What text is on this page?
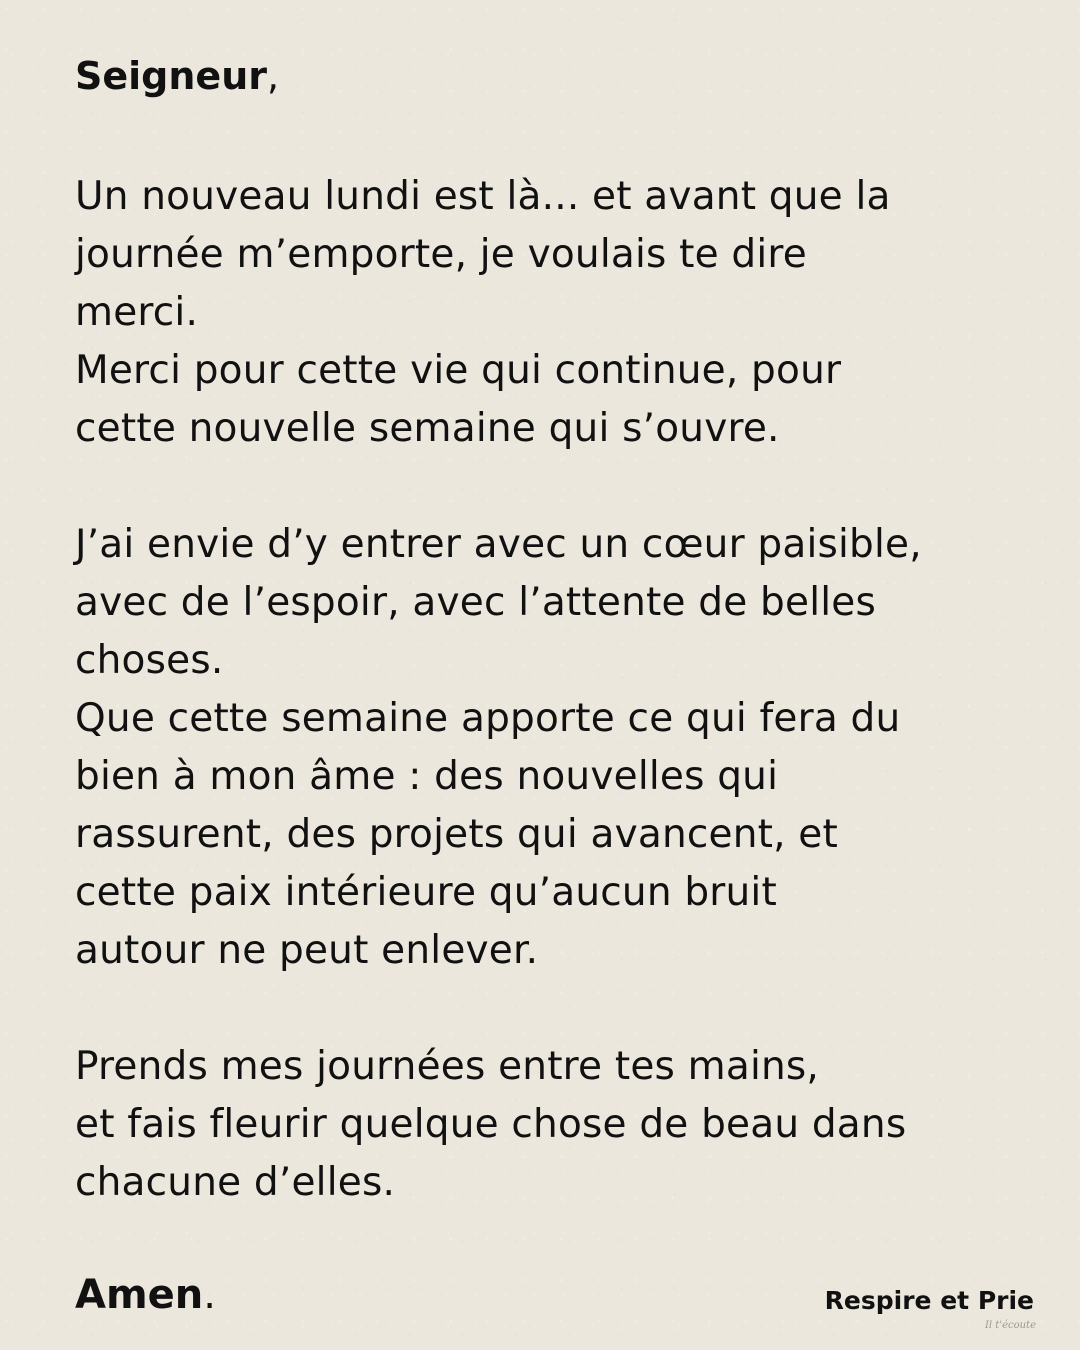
Seigneur,
Un nouveau lundi est là... et avant que la
journée m’emporte, je voulais te dire
merci.
Merci pour cette vie qui continue, pour
cette nouvelle semaine qui s’ouvre.
J’ai envie d’y entrer avec un cœur paisible,
avec de l’espoir, avec l’attente de belles
choses.
Que cette semaine apporte ce qui fera du
bien à mon âme : des nouvelles qui
rassurent, des projets qui avancent, et
cette paix intérieure qu’aucun bruit
autour ne peut enlever.
Prends mes journées entre tes mains,
et fais fleurir quelque chose de beau dans
chacune d’elles.
Amen.	Respire et Prie
Il t'écoute
